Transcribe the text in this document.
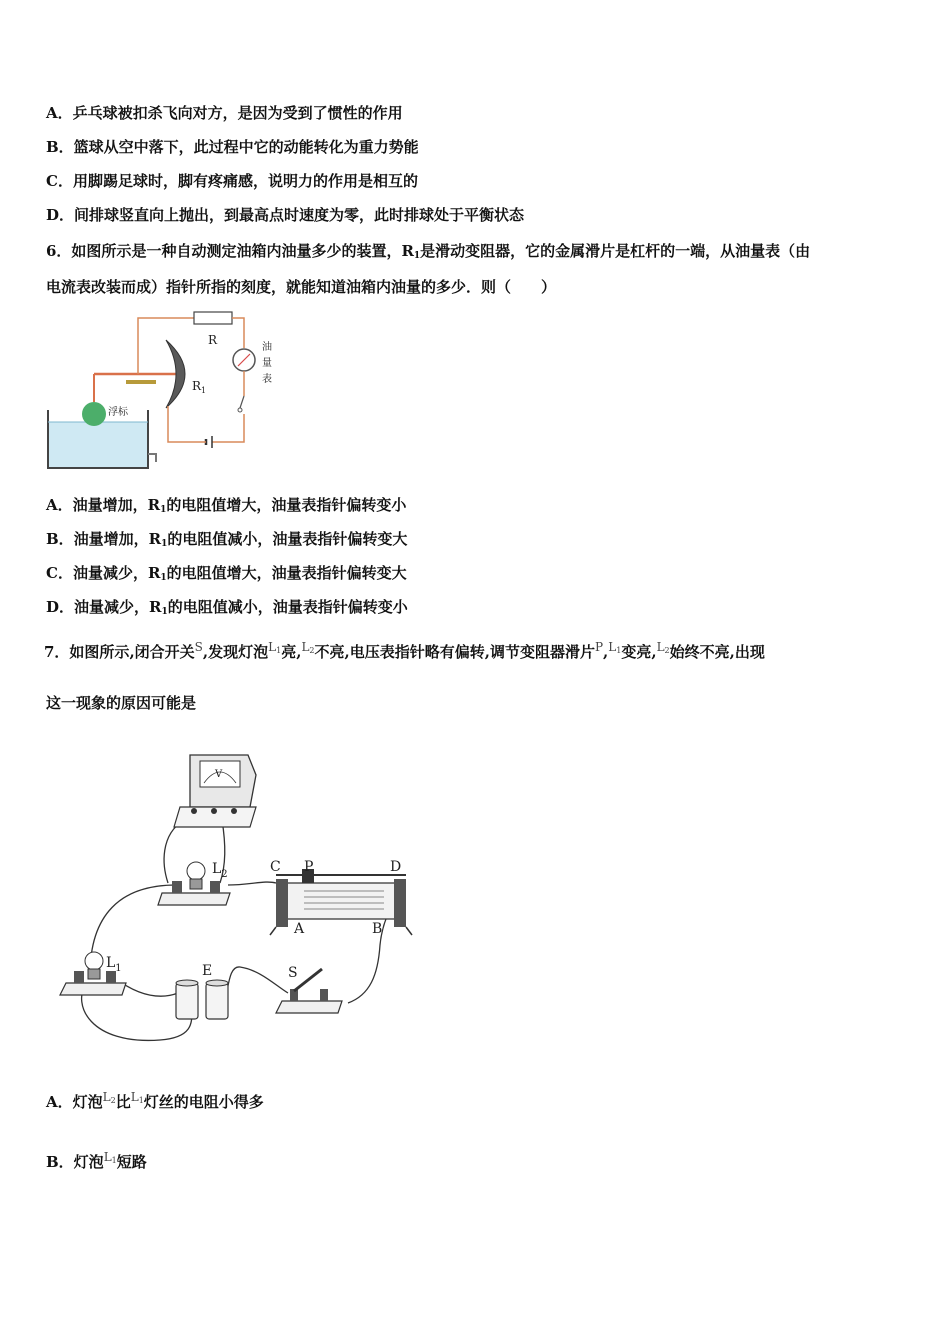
A．乒乓球被扣杀飞向对方，是因为受到了惯性的作用
B．篮球从空中落下，此过程中它的动能转化为重力势能
C．用脚踢足球时，脚有疼痛感，说明力的作用是相互的
D．间排球竖直向上抛出，到最高点时速度为零，此时排球处于平衡状态
6．如图所示是一种自动测定油箱内油量多少的装置，$R_1$是滑动变阻器，它的金属滑片是杠杆的一端，从油量表（由
电流表改装而成）指针所指的刻度，就能知道油箱内油量的多少．则（　　）
浮标
$R_1$
R
油
量
表
A．油量增加，$R_1$的电阻值增大，油量表指针偏转变小
B．油量增加，$R_1$的电阻值减小，油量表指针偏转变大
C．油量减少，$R_1$的电阻值增大，油量表指针偏转变大
D．油量减少，$R_1$的电阻值减小，油量表指针偏转变小
7．如图所示,闭合开关$^S$,发现灯泡$^{L1}$亮,$^{L2}$不亮,电压表指针略有偏转,调节变阻器滑片$^P$,$^{L1}$变亮,$^{L2}$始终不亮,出现
这一现象的原因可能是
V
$L_2$	C P	D
A	B
$L_1$	E	S
A．灯泡$^{L2}$比$^{L1}$灯丝的电阻小得多
B．灯泡$^{L1}$短路
